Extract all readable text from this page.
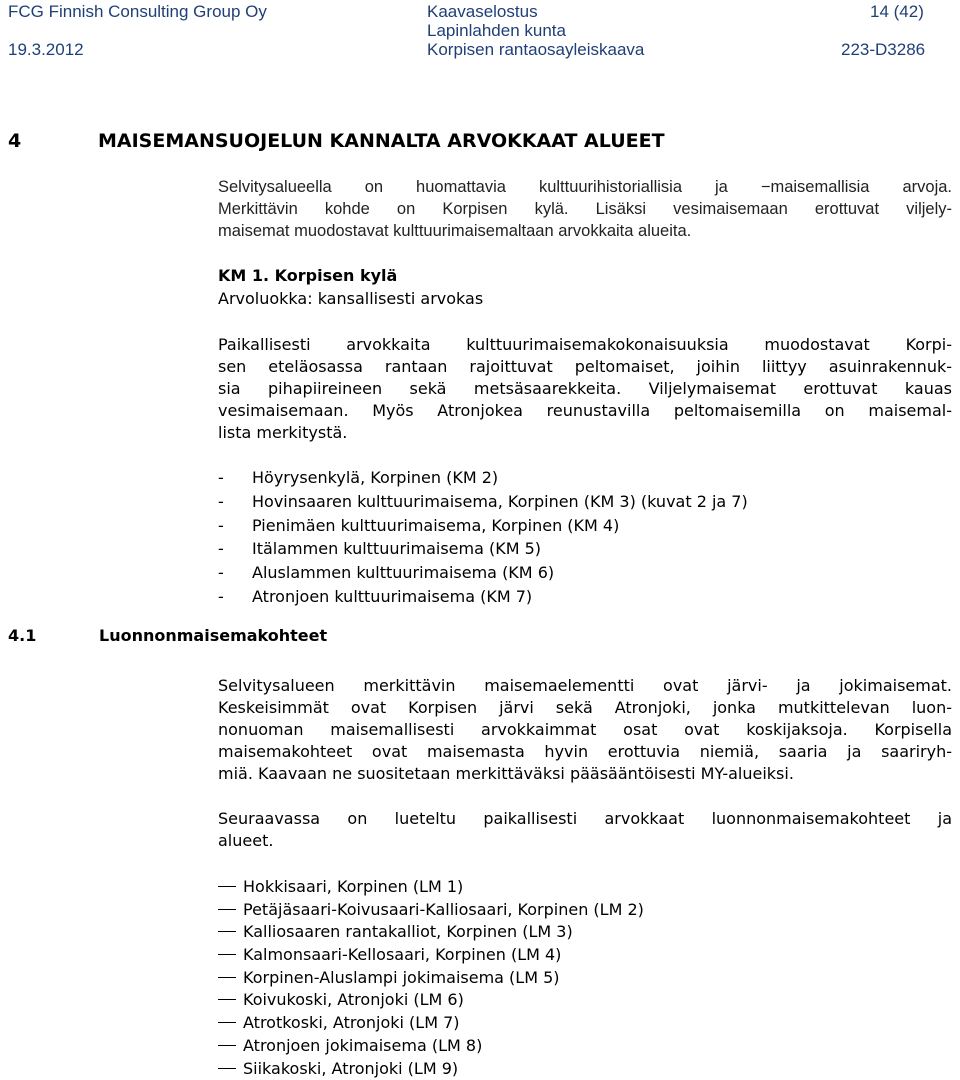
FCG Finnish Consulting Group Oy
19.3.2012
Kaavaselostus
Lapinlahden kunta
Korpisen rantaosayleiskaava
14 (42)
223-D3286
4	MAISEMANSUOJELUN KANNALTA ARVOKKAAT ALUEET
Selvitysalueella on huomattavia kulttuurihistoriallisia ja −maisemallisia arvoja.
Merkittävin kohde on Korpisen kylä. Lisäksi vesimaisemaan erottuvat viljely-
maisemat muodostavat kulttuurimaisemaltaan arvokkaita alueita.
KM 1. Korpisen kylä
Arvoluokka: kansallisesti arvokas
Paikallisesti arvokkaita kulttuurimaisemakokonaisuuksia muodostavat Korpi-
sen eteläosassa rantaan rajoittuvat peltomaiset, joihin liittyy asuinrakennuk-
sia pihapiireineen sekä metsäsaarekkeita. Viljelymaisemat erottuvat kauas
vesimaisemaan. Myös Atronjokea reunustavilla peltomaisemilla on maisemal-
lista merkitystä.
- Höyrysenkylä, Korpinen (KM 2)
- Hovinsaaren kulttuurimaisema, Korpinen (KM 3) (kuvat 2 ja 7)
- Pienimäen kulttuurimaisema, Korpinen (KM 4)
- Itälammen kulttuurimaisema (KM 5)
- Aluslammen kulttuurimaisema (KM 6)
- Atronjoen kulttuurimaisema (KM 7)
4.1	Luonnonmaisemakohteet
Selvitysalueen merkittävin maisemaelementti ovat järvi- ja jokimaisemat.
Keskeisimmät ovat Korpisen järvi sekä Atronjoki, jonka mutkittelevan luon-
nonuoman maisemallisesti arvokkaimmat osat ovat koskijaksoja. Korpisella
maisemakohteet ovat maisemasta hyvin erottuvia niemiä, saaria ja saariryh-
miä. Kaavaan ne suositetaan merkittäväksi pääsääntöisesti MY-alueiksi.
Seuraavassa on lueteltu paikallisesti arvokkaat luonnonmaisemakohteet ja
alueet.
Hokkisaari, Korpinen (LM 1)
Petäjäsaari-Koivusaari-Kalliosaari, Korpinen (LM 2)
Kalliosaaren rantakalliot, Korpinen (LM 3)
Kalmonsaari-Kellosaari, Korpinen (LM 4)
Korpinen-Aluslampi jokimaisema (LM 5)
Koivukoski, Atronjoki (LM 6)
Atrotkoski, Atronjoki (LM 7)
Atronjoen jokimaisema (LM 8)
Siikakoski, Atronjoki (LM 9)
